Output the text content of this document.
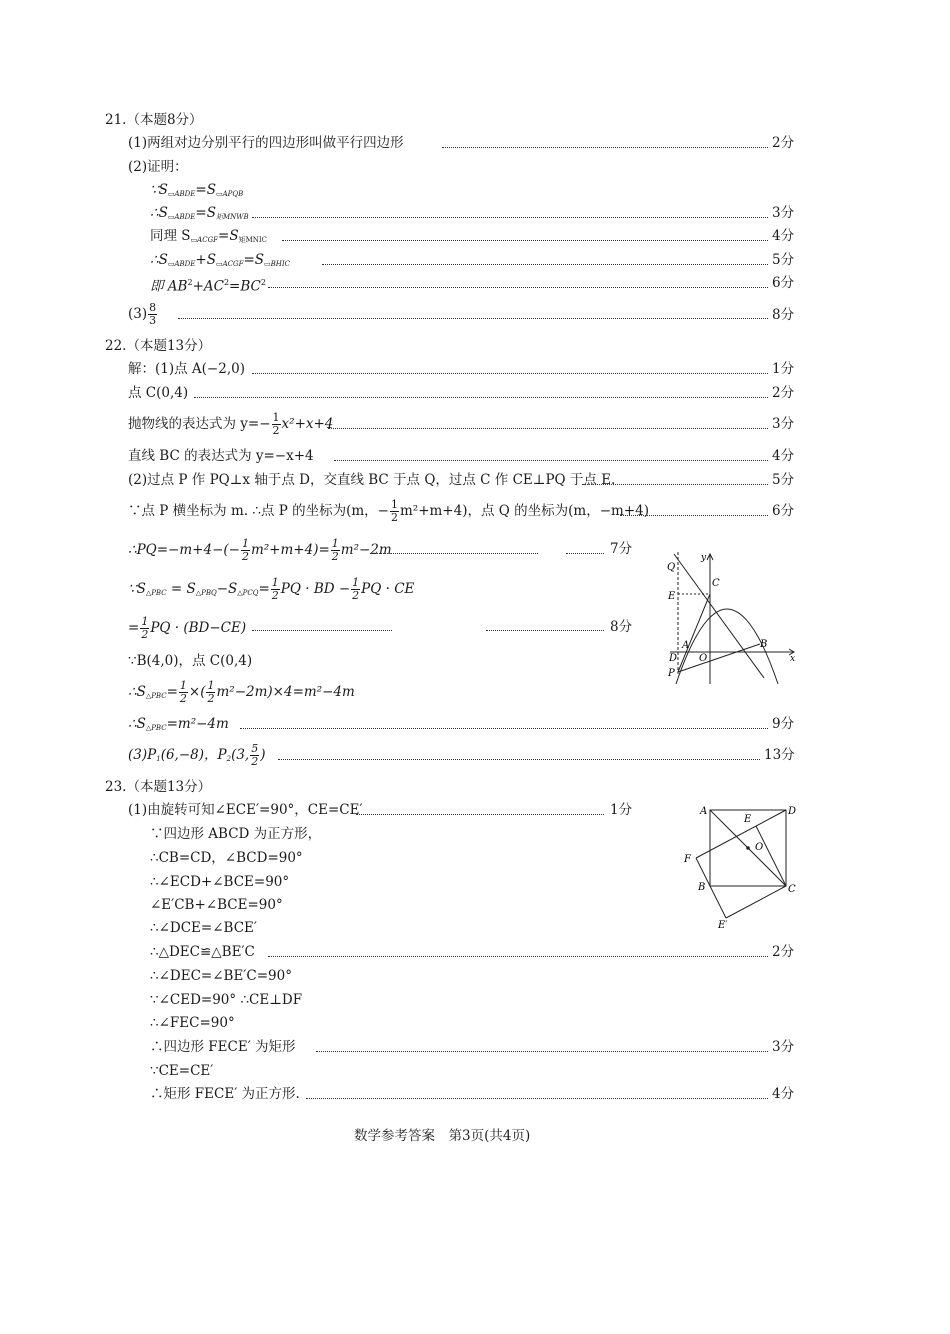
21.（本题8分）
(1)两组对边分别平行的四边形叫做平行四边形	2分
(2)证明：
$\because S_{▭ABDE}=S_{▭APQB}$
$\therefore S_{▭ABDE}=S_{矩MNWB}$	3分
同理 $S_{▭ACGF}=S_{矩MNIC}$	4分
$\therefore S_{▭ABDE}+S_{▭ACGF}=S_{▭BHIC}$	5分
即 $AB^2+AC^2=BC^2$	6分
$(3) \frac{8}{3}$	8分
22.（本题13分）
解：(1)点 A(−2,0)	1分
点 C(0,4)	2分
抛物线的表达式为 $y=- \frac{1}{2} x^2+x+4$	3分
直线 BC 的表达式为 y=−x+4	4分
(2)过点 P 作 PQ⊥x 轴于点 D，交直线 BC 于点 Q，过点 C 作 CE⊥PQ 于点 E.	5分
∵点 P 横坐标为 m. ∴点 P 的坐标为(m，− $\frac{1}{2} m^2+m+4$)，点 Q 的坐标为(m，−m+4)	6分
∴PQ=−m+4−(− $\frac{1}{2} m^2+m+4)= \frac{1}{2} m^2-2m$	7分
$\because S_{\triangle PBC} = S_{\triangle PBQ}-S_{\triangle PCQ}= \frac{1}{2}$ PQ · BD − $\frac{1}{2}$ PQ · CE
= $\frac{1}{2}$ PQ · (BD−CE)	8分
∵B(4,0)，点 C(0,4)
$\therefore S_{\triangle PBC}= \frac{1}{2}$ ×( $\frac{1}{2} m^2-2m)\times 4=m^2-4m$
$\therefore S_{\triangle PBC}=m^2-4m$	9分
$(3)P_1(6,-8)$，$P_2(3$, $\frac{5}{2}$ )	13分
Q
C
E
A
D O
B
P
x
y
23.（本题13分）
(1)由旋转可知∠ECE′=90°，CE=CE′	1分
∵四边形 ABCD 为正方形，
∴CB=CD，∠BCD=90°
∴∠ECD+∠BCE=90°
∠E′CB+∠BCE=90°
∴∠DCE=∠BCE′
∴△DEC≌△BE′C	2分
∴∠DEC=∠BE′C=90°
∵∠CED=90° ∴CE⊥DF
∴∠FEC=90°
∴四边形 FECE′ 为矩形	3分
∵CE=CE′
∴矩形 FECE′ 为正方形.	4分
A	D
E
O
F
B	C
E′
数学参考答案　第3页(共4页)
